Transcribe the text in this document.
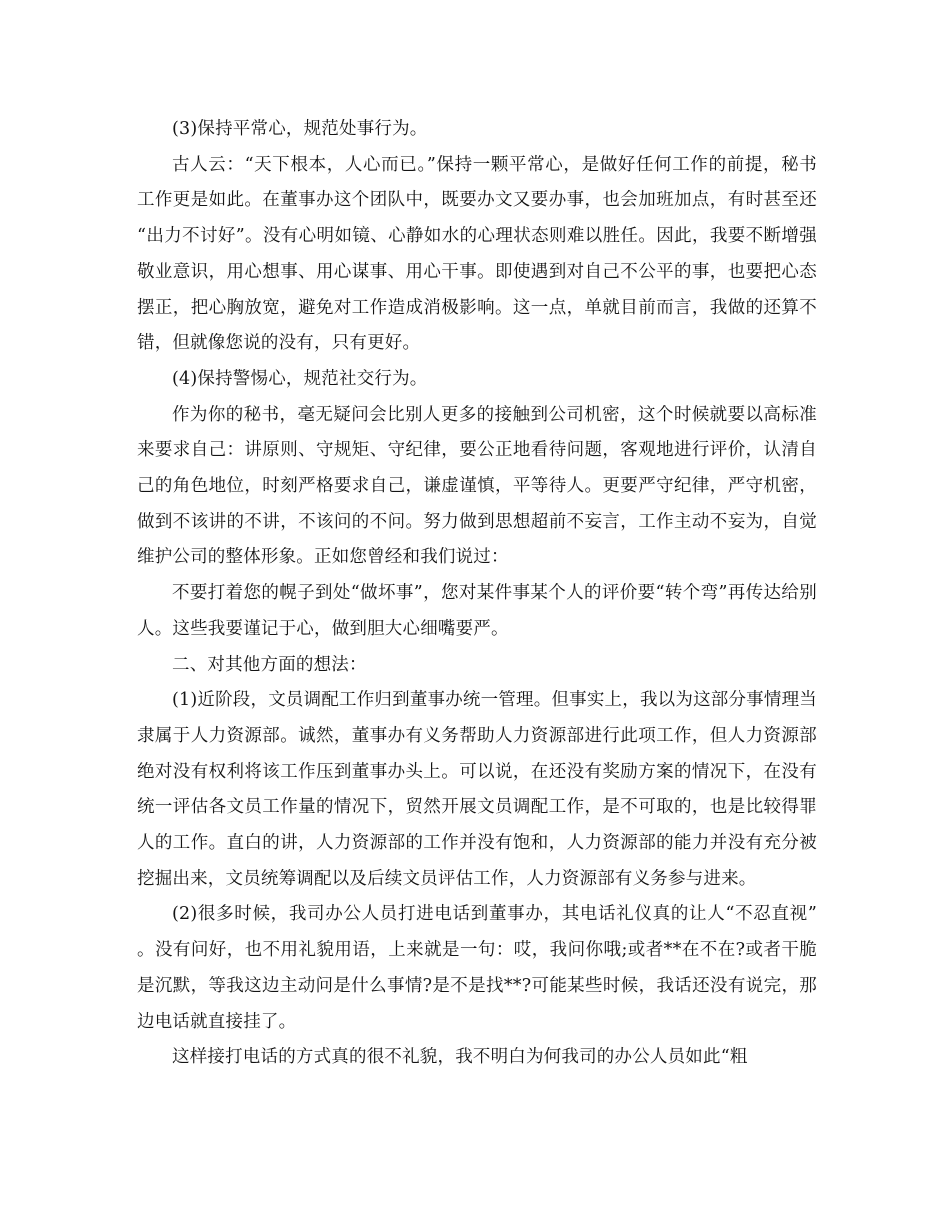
(3)保持平常心，规范处事行为。

古人云：“天下根本，人心而已。”保持一颗平常心，是做好任何工作的前提，秘书工作更是如此。在董事办这个团队中，既要办文又要办事，也会加班加点，有时甚至还“出力不讨好”。没有心明如镜、心静如水的心理状态则难以胜任。因此，我要不断增强敬业意识，用心想事、用心谋事、用心干事。即使遇到对自己不公平的事，也要把心态摆正，把心胸放宽，避免对工作造成消极影响。这一点，单就目前而言，我做的还算不错，但就像您说的没有，只有更好。

(4)保持警惕心，规范社交行为。

作为你的秘书，毫无疑问会比别人更多的接触到公司机密，这个时候就要以高标准来要求自己：讲原则、守规矩、守纪律，要公正地看待问题，客观地进行评价，认清自己的角色地位，时刻严格要求自己，谦虚谨慎，平等待人。更要严守纪律，严守机密，做到不该讲的不讲，不该问的不问。努力做到思想超前不妄言，工作主动不妄为，自觉维护公司的整体形象。正如您曾经和我们说过：

不要打着您的幌子到处“做坏事”，您对某件事某个人的评价要“转个弯”再传达给别人。这些我要谨记于心，做到胆大心细嘴要严。

二、对其他方面的想法：

(1)近阶段，文员调配工作归到董事办统一管理。但事实上，我以为这部分事情理当隶属于人力资源部。诚然，董事办有义务帮助人力资源部进行此项工作，但人力资源部绝对没有权利将该工作压到董事办头上。可以说，在还没有奖励方案的情况下，在没有统一评估各文员工作量的情况下，贸然开展文员调配工作，是不可取的，也是比较得罪人的工作。直白的讲，人力资源部的工作并没有饱和，人力资源部的能力并没有充分被挖掘出来，文员统筹调配以及后续文员评估工作，人力资源部有义务参与进来。

(2)很多时候，我司办公人员打进电话到董事办，其电话礼仪真的让人“不忍直视”。没有问好，也不用礼貌用语，上来就是一句：哎，我问你哦;或者**在不在?或者干脆是沉默，等我这边主动问是什么事情?是不是找**?可能某些时候，我话还没有说完，那边电话就直接挂了。

这样接打电话的方式真的很不礼貌，我不明白为何我司的办公人员如此“粗
